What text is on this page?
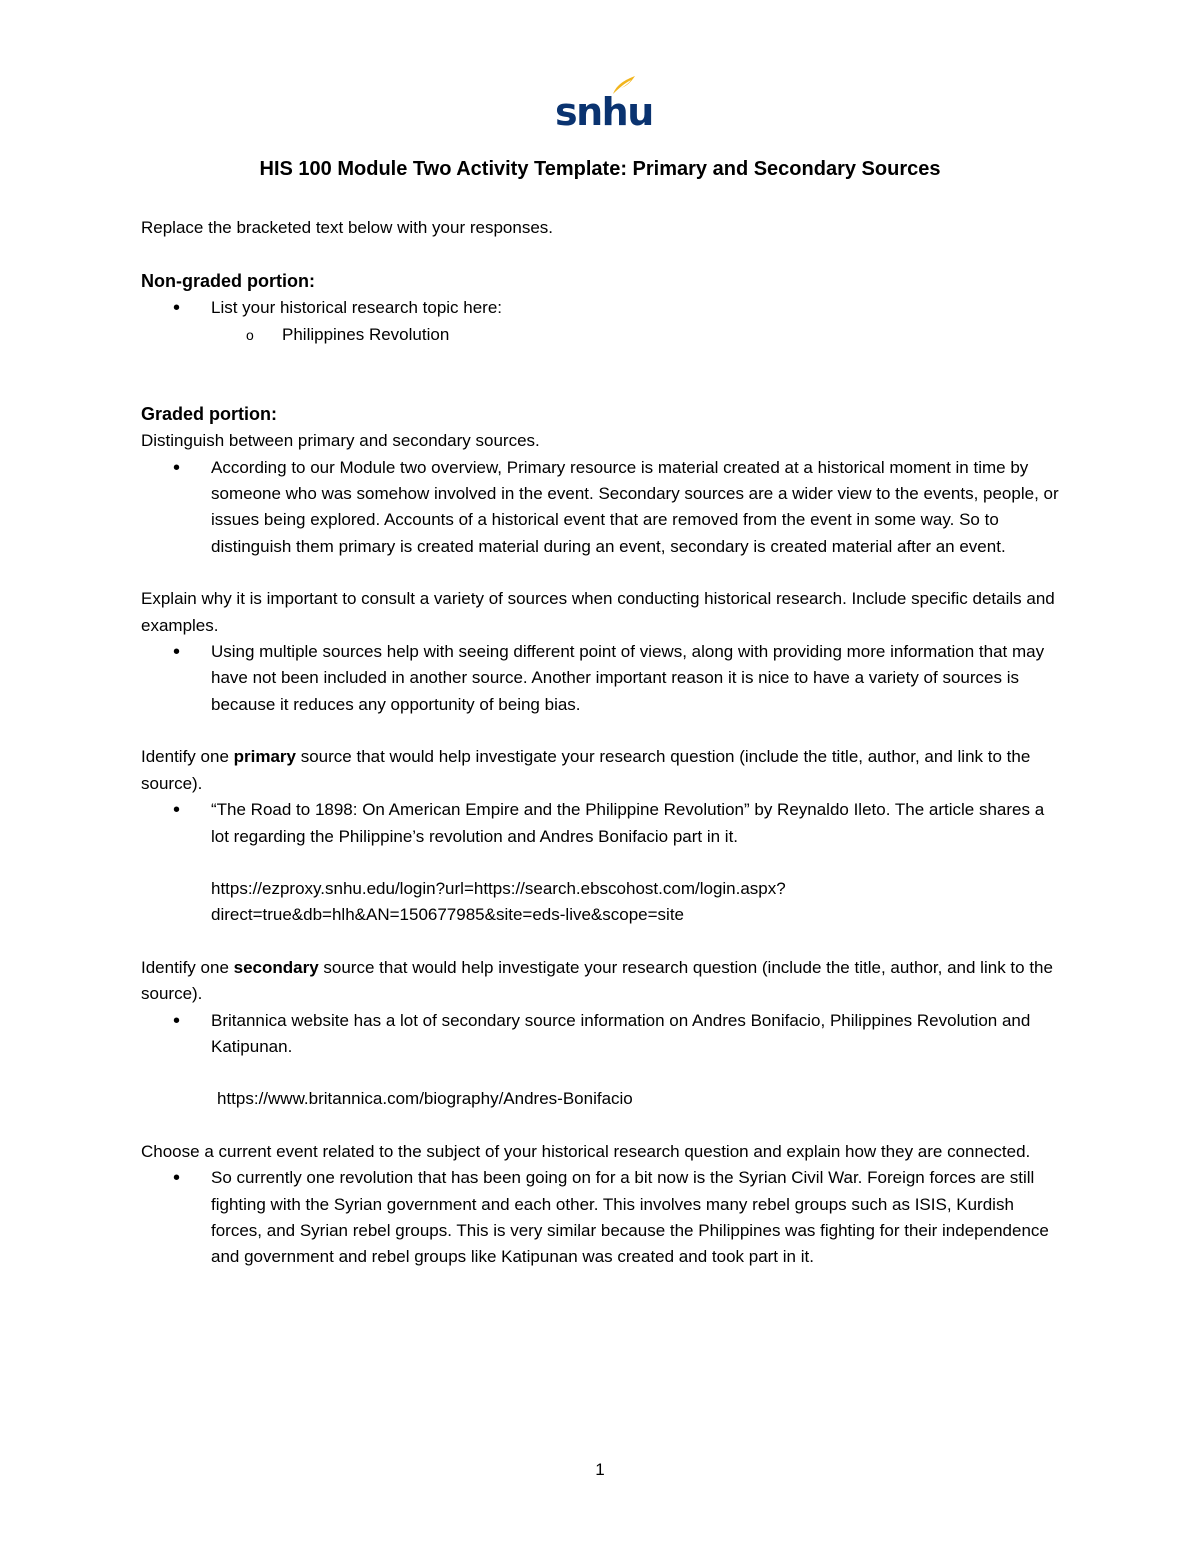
snhu
HIS 100 Module Two Activity Template: Primary and Secondary Sources

Replace the bracketed text below with your responses.

Non-graded portion:

• List your historical research topic here:
o Philippines Revolution

Graded portion:

Distinguish between primary and secondary sources.

• According to our Module two overview, Primary resource is material created at a historical moment in time by someone who was somehow involved in the event. Secondary sources are a wider view to the events, people, or issues being explored. Accounts of a historical event that are removed from the event in some way. So to distinguish them primary is created material during an event, secondary is created material after an event.

Explain why it is important to consult a variety of sources when conducting historical research. Include specific details and examples.

• Using multiple sources help with seeing different point of views, along with providing more information that may have not been included in another source. Another important reason it is nice to have a variety of sources is because it reduces any opportunity of being bias.

Identify one primary source that would help investigate your research question (include the title, author, and link to the source).

• “The Road to 1898: On American Empire and the Philippine Revolution” by Reynaldo Ileto. The article shares a lot regarding the Philippine’s revolution and Andres Bonifacio part in it.

https://ezproxy.snhu.edu/login?url=https://search.ebscohost.com/login.aspx?
direct=true&db=hlh&AN=150677985&site=eds-live&scope=site

Identify one secondary source that would help investigate your research question (include the title, author, and link to the source).

• Britannica website has a lot of secondary source information on Andres Bonifacio, Philippines Revolution and Katipunan.

https://www.britannica.com/biography/Andres-Bonifacio

Choose a current event related to the subject of your historical research question and explain how they are connected.

• So currently one revolution that has been going on for a bit now is the Syrian Civil War. Foreign forces are still fighting with the Syrian government and each other. This involves many rebel groups such as ISIS, Kurdish forces, and Syrian rebel groups. This is very similar because the Philippines was fighting for their independence and government and rebel groups like Katipunan was created and took part in it.
1
